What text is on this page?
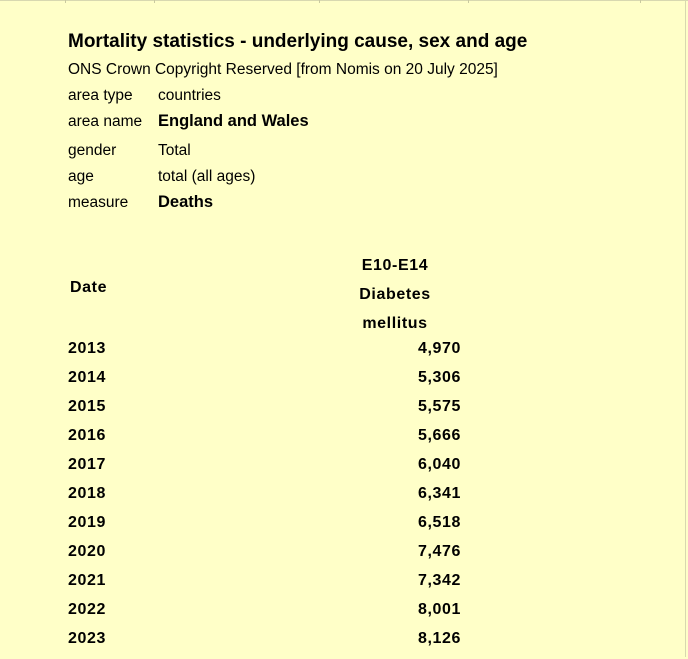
Mortality statistics - underlying cause, sex and age
ONS Crown Copyright Reserved [from Nomis on 20 July 2025]
area type countries
area name England and Wales
gender	Total
age	total (all ages)
measure Deaths
Date
E10-E14
Diabetes
mellitus
2013	4,970
2014	5,306
2015	5,575
2016	5,666
2017	6,040
2018	6,341
2019	6,518
2020	7,476
2021	7,342
2022	8,001
2023	8,126
